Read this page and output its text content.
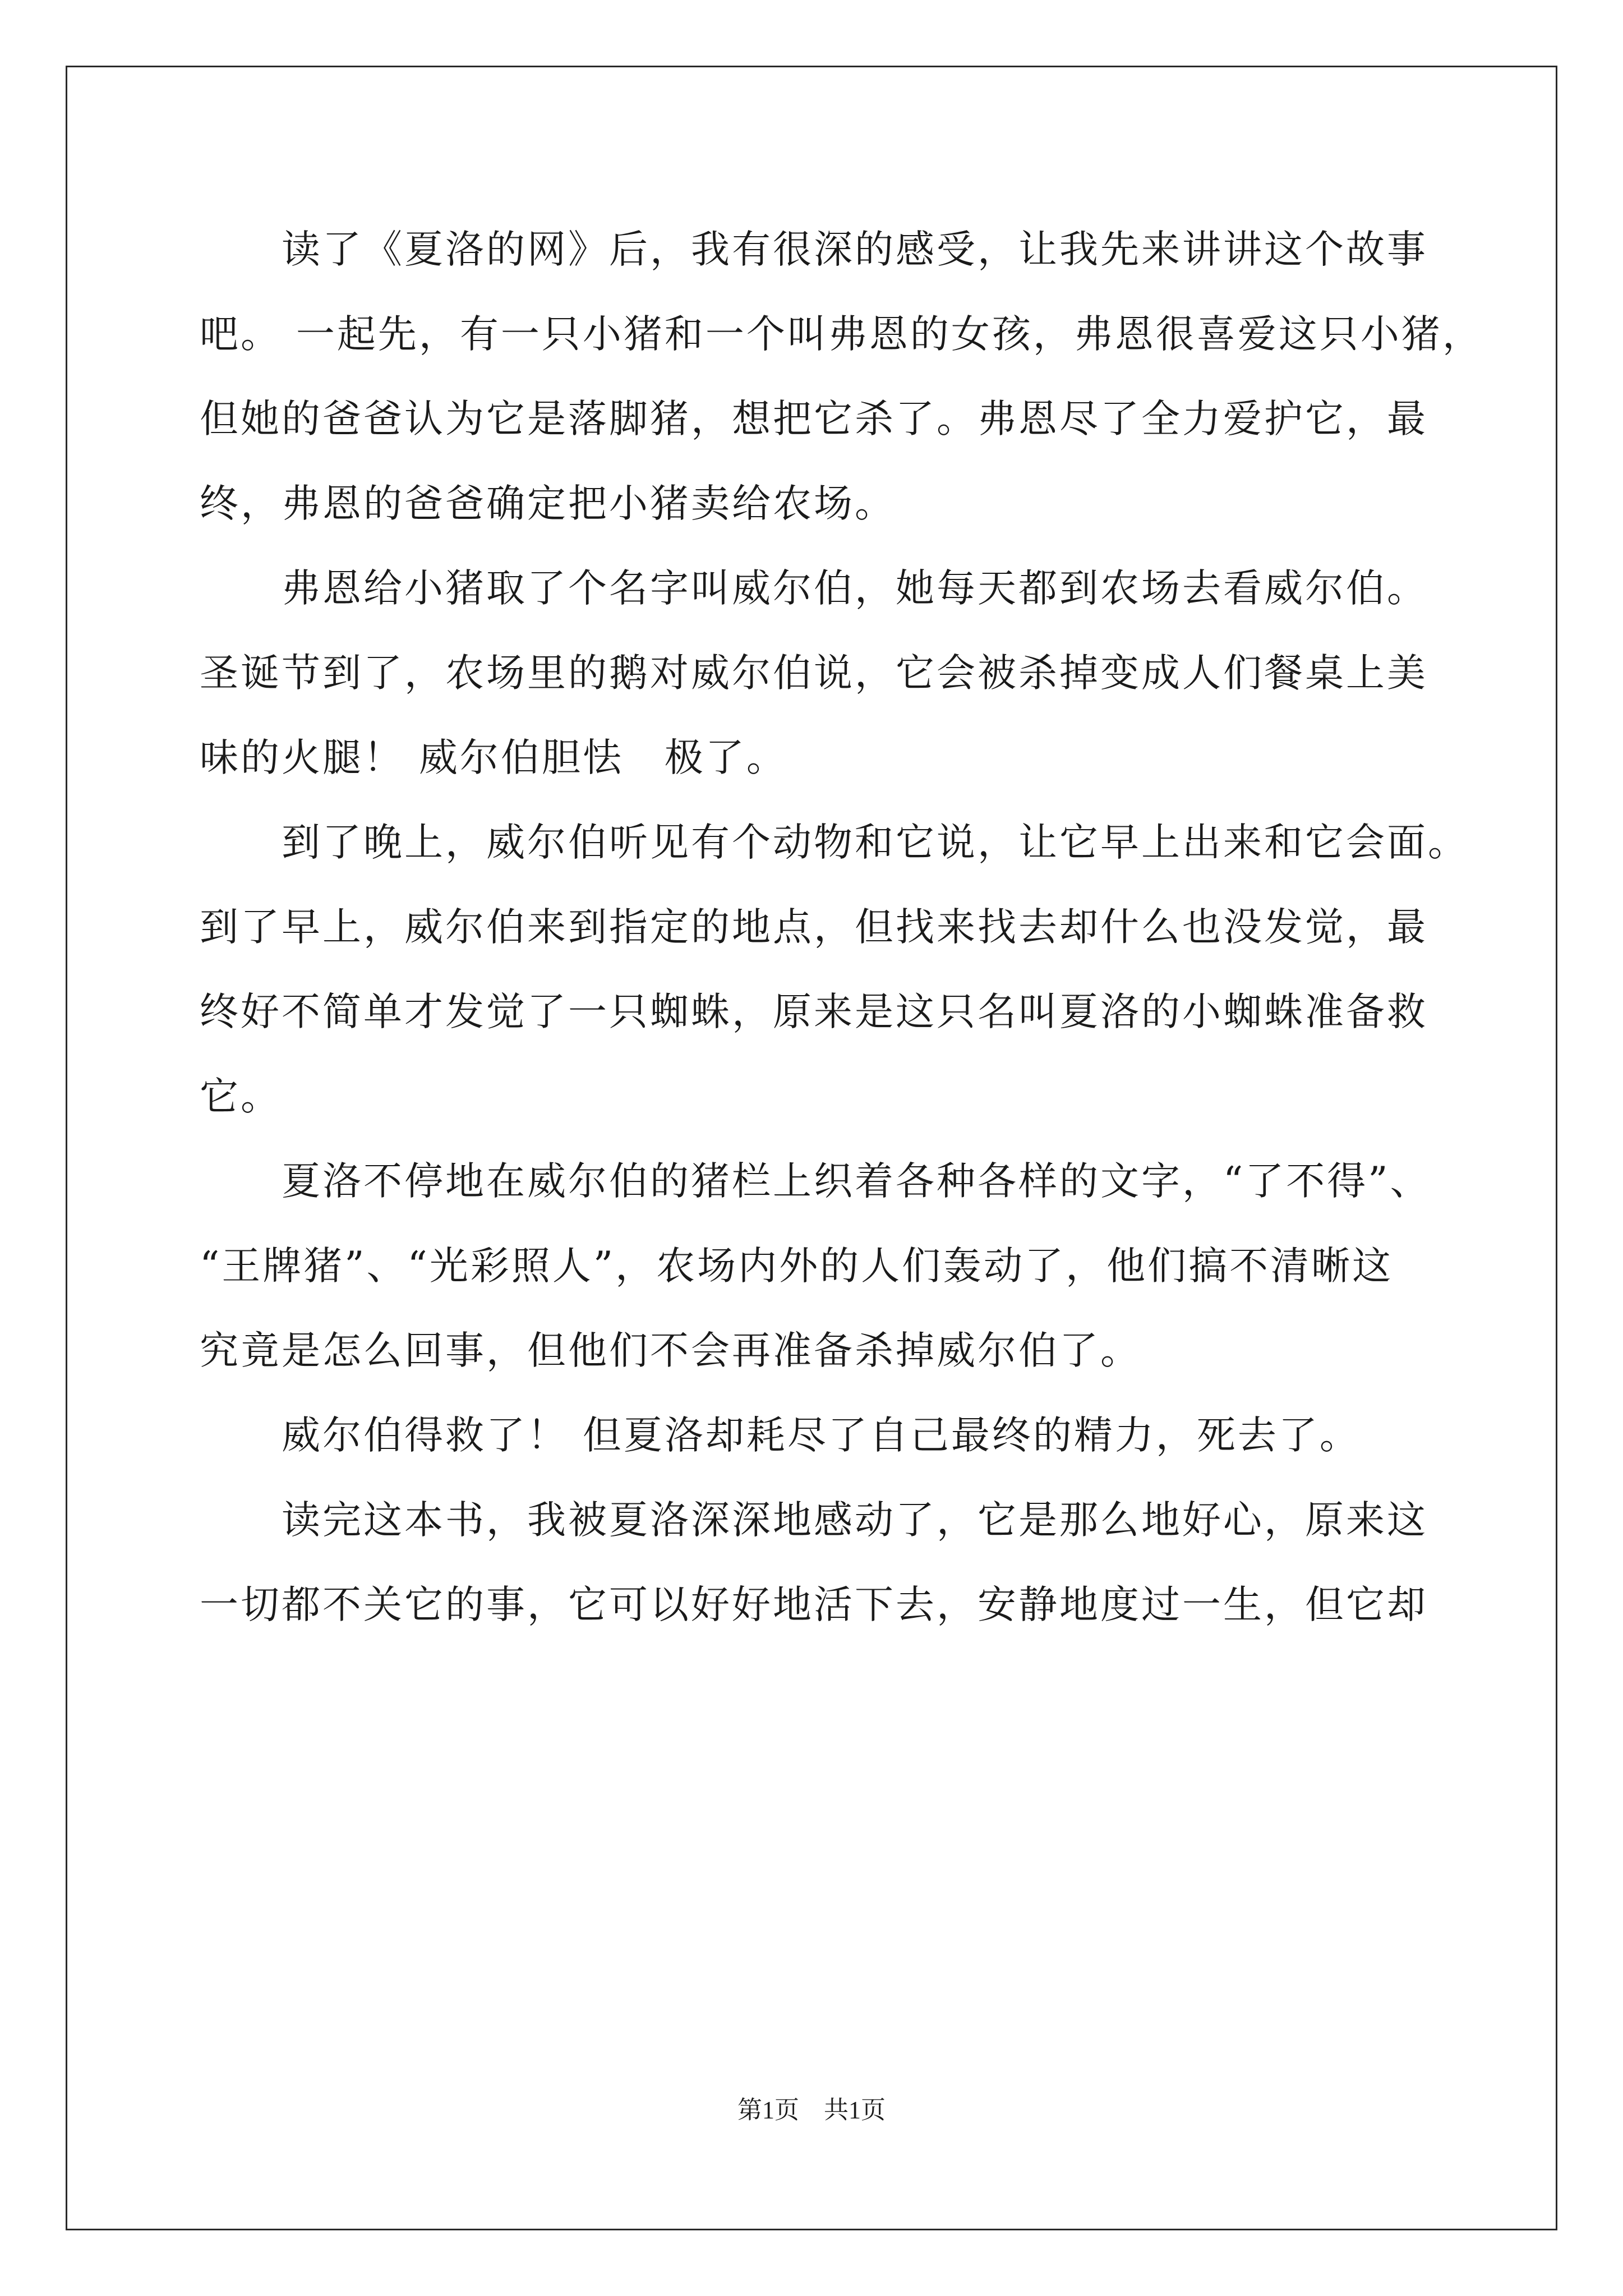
　　读了《夏洛的网》后，我有很深的感受，让我先来讲讲这个故事
吧。 一起先，有一只小猪和一个叫弗恩的女孩，弗恩很喜爱这只小猪，
但她的爸爸认为它是落脚猪，想把它杀了。弗恩尽了全力爱护它，最
终，弗恩的爸爸确定把小猪卖给农场。
　　弗恩给小猪取了个名字叫威尔伯，她每天都到农场去看威尔伯。
圣诞节到了，农场里的鹅对威尔伯说，它会被杀掉变成人们餐桌上美
味的火腿！ 威尔伯胆怯　极了。
　　到了晚上，威尔伯听见有个动物和它说，让它早上出来和它会面。
到了早上，威尔伯来到指定的地点，但找来找去却什么也没发觉，最
终好不简单才发觉了一只蜘蛛，原来是这只名叫夏洛的小蜘蛛准备救
它。
　　夏洛不停地在威尔伯的猪栏上织着各种各样的文字，“了不得”、
“王牌猪”、“光彩照人”，农场内外的人们轰动了，他们搞不清晰这
究竟是怎么回事，但他们不会再准备杀掉威尔伯了。
　　威尔伯得救了！ 但夏洛却耗尽了自己最终的精力，死去了。
　　读完这本书，我被夏洛深深地感动了，它是那么地好心，原来这
一切都不关它的事，它可以好好地活下去，安静地度过一生，但它却
第1页　共1页
